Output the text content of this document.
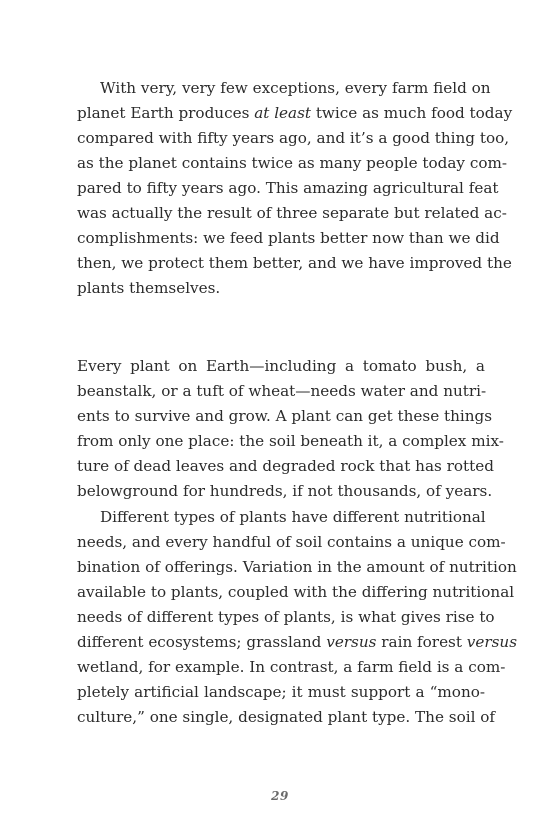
With very, very few exceptions, every farm field on
planet Earth produces at least twice as much food today
compared with fifty years ago, and it’s a good thing too,
as the planet contains twice as many people today com-
pared to fifty years ago. This amazing agricultural feat
was actually the result of three separate but related ac-
complishments: we feed plants better now than we did
then, we protect them better, and we have improved the
plants themselves.
Every plant on Earth—including a tomato bush, a
beanstalk, or a tuft of wheat—needs water and nutri-
ents to survive and grow. A plant can get these things
from only one place: the soil beneath it, a complex mix-
ture of dead leaves and degraded rock that has rotted
belowground for hundreds, if not thousands, of years.
Different types of plants have different nutritional
needs, and every handful of soil contains a unique com-
bination of offerings. Variation in the amount of nutrition
available to plants, coupled with the differing nutritional
needs of different types of plants, is what gives rise to
different ecosystems; grassland versus rain forest versus
wetland, for example. In contrast, a farm field is a com-
pletely artificial landscape; it must support a “mono-
culture,” one single, designated plant type. The soil of
29
